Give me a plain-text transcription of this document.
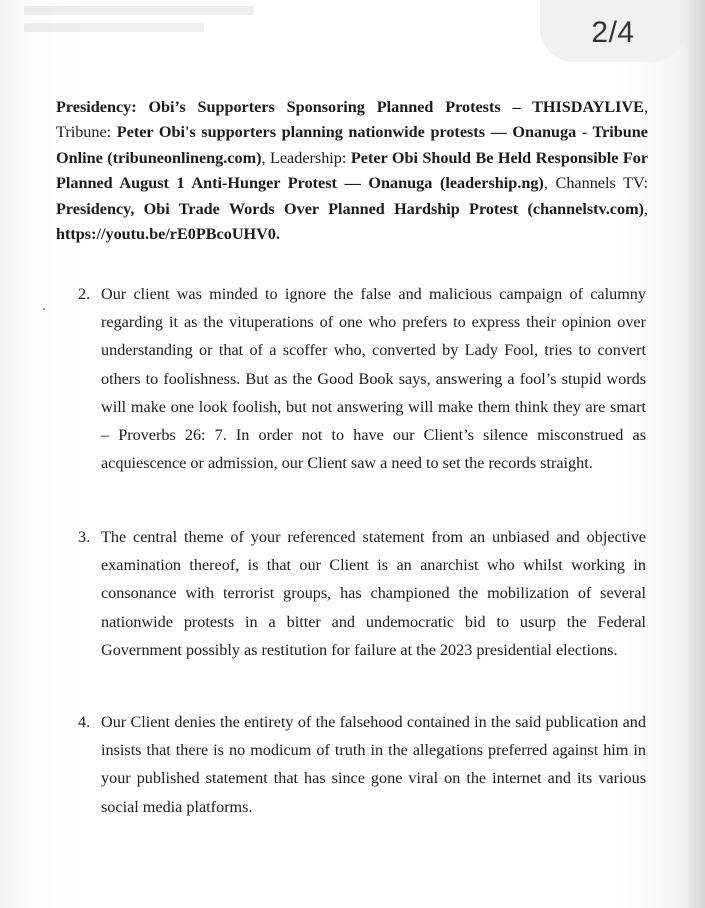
2/4

Presidency: Obi’s Supporters Sponsoring Planned Protests – THISDAYLIVE, Tribune: Peter Obi's supporters planning nationwide protests — Onanuga - Tribune Online (tribuneonlineng.com), Leadership: Peter Obi Should Be Held Responsible For Planned August 1 Anti-Hunger Protest — Onanuga (leadership.ng), Channels TV: Presidency, Obi Trade Words Over Planned Hardship Protest (channelstv.com), https://youtu.be/rE0PBcoUHV0.

2. Our client was minded to ignore the false and malicious campaign of calumny regarding it as the vituperations of one who prefers to express their opinion over understanding or that of a scoffer who, converted by Lady Fool, tries to convert others to foolishness. But as the Good Book says, answering a fool’s stupid words will make one look foolish, but not answering will make them think they are smart – Proverbs 26: 7. In order not to have our Client’s silence misconstrued as acquiescence or admission, our Client saw a need to set the records straight.
3. The central theme of your referenced statement from an unbiased and objective examination thereof, is that our Client is an anarchist who whilst working in consonance with terrorist groups, has championed the mobilization of several nationwide protests in a bitter and undemocratic bid to usurp the Federal Government possibly as restitution for failure at the 2023 presidential elections.
4. Our Client denies the entirety of the falsehood contained in the said publication and insists that there is no modicum of truth in the allegations preferred against him in your published statement that has since gone viral on the internet and its various social media platforms.
